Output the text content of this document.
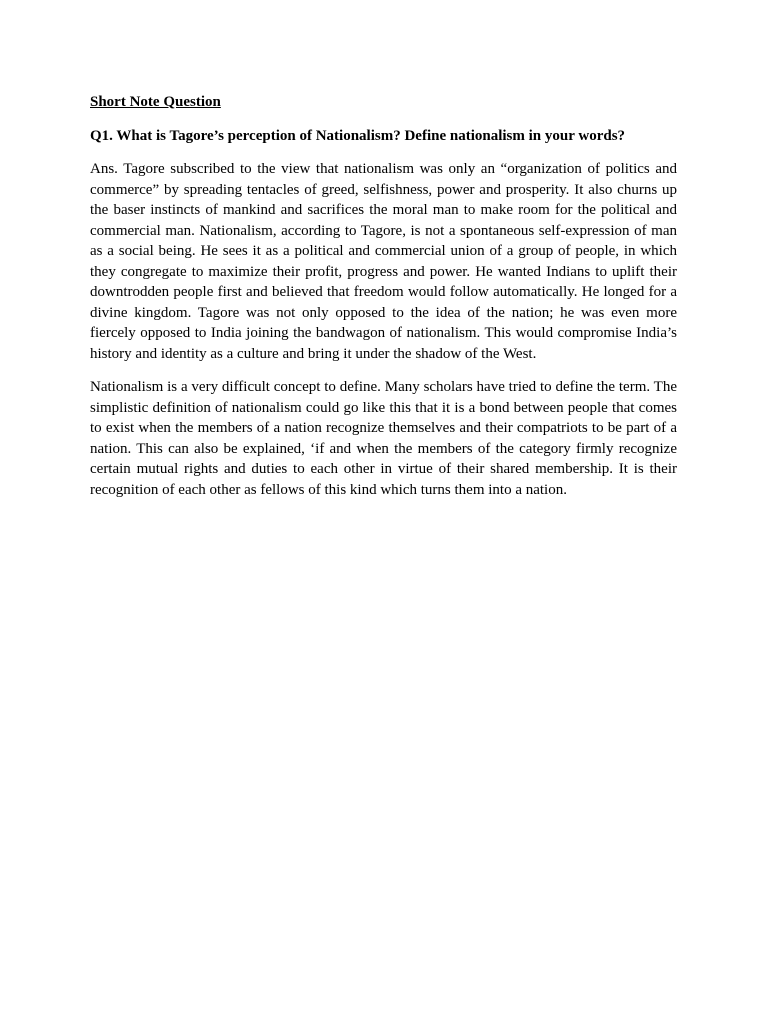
Short Note Question

Q1. What is Tagore’s perception of Nationalism? Define nationalism in your words?

Ans. Tagore subscribed to the view that nationalism was only an “organization of politics and commerce” by spreading tentacles of greed, selfishness, power and prosperity. It also churns up the baser instincts of mankind and sacrifices the moral man to make room for the political and commercial man. Nationalism, according to Tagore, is not a spontaneous self-expression of man as a social being. He sees it as a political and commercial union of a group of people, in which they congregate to maximize their profit, progress and power. He wanted Indians to uplift their downtrodden people first and believed that freedom would follow automatically. He longed for a divine kingdom. Tagore was not only opposed to the idea of the nation; he was even more fiercely opposed to India joining the bandwagon of nationalism. This would compromise India’s history and identity as a culture and bring it under the shadow of the West.

Nationalism is a very difficult concept to define. Many scholars have tried to define the term. The simplistic definition of nationalism could go like this that it is a bond between people that comes to exist when the members of a nation recognize themselves and their compatriots to be part of a nation. This can also be explained, ‘if and when the members of the category firmly recognize certain mutual rights and duties to each other in virtue of their shared membership. It is their recognition of each other as fellows of this kind which turns them into a nation.
